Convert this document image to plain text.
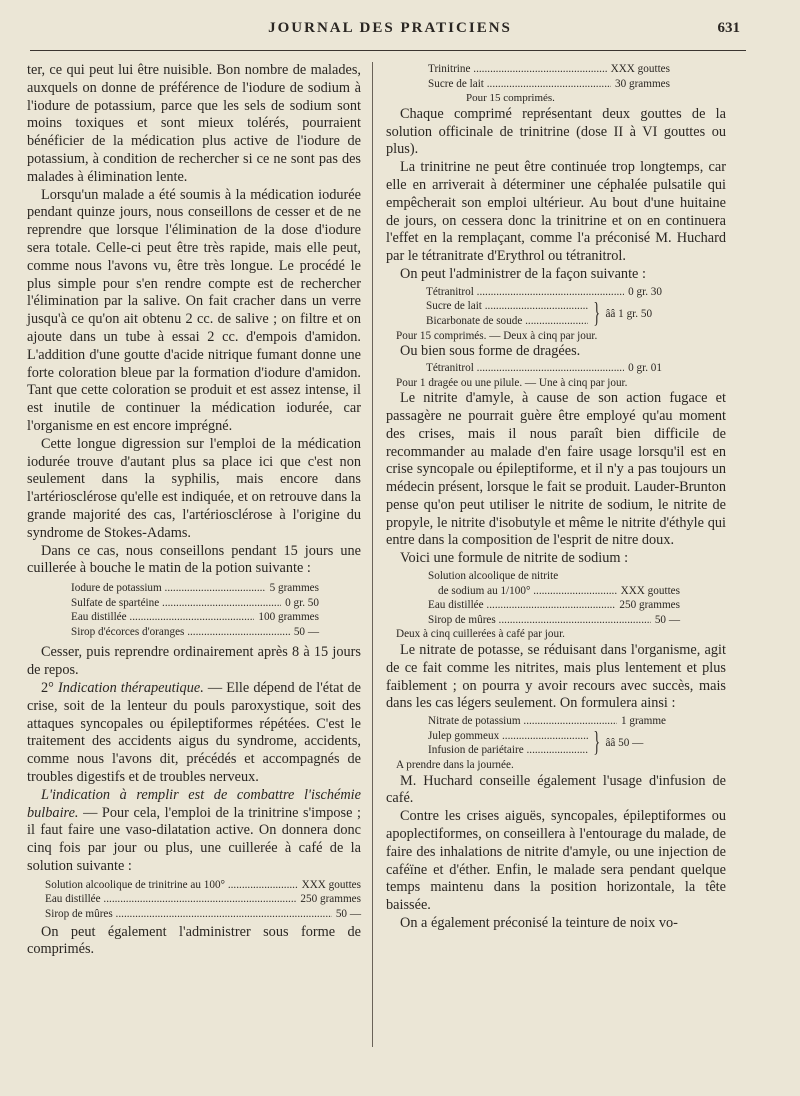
JOURNAL DES PRATICIENS	631

ter, ce qui peut lui être nuisible. Bon nombre de malades, auxquels on donne de préférence de l'iodure de sodium à l'iodure de potassium, parce que les sels de sodium sont moins toxiques et sont mieux tolérés, pourraient bénéficier de la médication plus active de l'iodure de potassium, à condition de rechercher si ce ne sont pas des malades à élimination lente.

Lorsqu'un malade a été soumis à la médication iodurée pendant quinze jours, nous conseillons de cesser et de ne reprendre que lorsque l'élimination de la dose d'iodure sera totale. Celle-ci peut être très rapide, mais elle peut, comme nous l'avons vu, être très longue. Le procédé le plus simple pour s'en rendre compte est de rechercher l'élimination par la salive. On fait cracher dans un verre jusqu'à ce qu'on ait obtenu 2 cc. de salive ; on filtre et on ajoute dans un tube à essai 2 cc. d'empois d'amidon. L'addition d'une goutte d'acide nitrique fumant donne une forte coloration bleue par la formation d'iodure d'amidon. Tant que cette coloration se produit et est assez intense, il est inutile de continuer la médication iodurée, car l'organisme en est encore imprégné.

Cette longue digression sur l'emploi de la médication iodurée trouve d'autant plus sa place ici que c'est non seulement dans la syphilis, mais encore dans l'artériosclérose qu'elle est indiquée, et on retrouve dans la grande majorité des cas, l'artériosclérose à l'origine du syndrome de Stokes-Adams.

Dans ce cas, nous conseillons pendant 15 jours une cuillerée à bouche le matin de la potion suivante :

Iodure de potassium .....	5 grammes
Sulfate de spartéine .....	0 gr. 50
Eau distillée .....	100 grammes
Sirop d'écorces d'oranges .....	50 —

Cesser, puis reprendre ordinairement après 8 à 15 jours de repos.

2° Indication thérapeutique. — Elle dépend de l'état de crise, soit de la lenteur du pouls paroxystique, soit des attaques syncopales ou épileptiformes répétées. C'est le traitement des accidents aigus du syndrome, accidents, comme nous l'avons dit, précédés et accompagnés de troubles digestifs et de troubles nerveux.

L'indication à remplir est de combattre l'ischémie bulbaire. — Pour cela, l'emploi de la trinitrine s'impose ; il faut faire une vaso-dilatation active. On donnera donc cinq fois par jour ou plus, une cuillerée à café de la solution suivante :

Solution alcoolique de trinitrine au 100° .....	XXX gouttes
Eau distillée .....	250 grammes
Sirop de mûres .....	50 —

On peut également l'administrer sous forme de comprimés.

Trinitrine .....	XXX gouttes
Sucre de lait .....	30 grammes
Pour 15 comprimés.

Chaque comprimé représentant deux gouttes de la solution officinale de trinitrine (dose II à VI gouttes ou plus).

La trinitrine ne peut être continuée trop longtemps, car elle en arriverait à déterminer une céphalée pulsatile qui empêcherait son emploi ultérieur. Au bout d'une huitaine de jours, on cessera donc la trinitrine et on en continuera l'effet en la remplaçant, comme l'a préconisé M. Huchard par le tétranitrate d'Erythrol ou tétranitrol.

On peut l'administrer de la façon suivante :

Tétranitrol .....	0 gr. 30
Sucre de lait .....
Bicarbonate de soude .....	} ââ 1 gr. 50
Pour 15 comprimés. — Deux à cinq par jour.

Ou bien sous forme de dragées.

Tétranitrol .....	0 gr. 01
Pour 1 dragée ou une pilule. — Une à cinq par jour.

Le nitrite d'amyle, à cause de son action fugace et passagère ne pourrait guère être employé qu'au moment des crises, mais il nous paraît bien difficile de recommander au malade d'en faire usage lorsqu'il est en crise syncopale ou épileptiforme, et il n'y a pas toujours un médecin présent, lorsque le fait se produit. Lauder-Brunton pense qu'on peut utiliser le nitrite de sodium, le nitrite de propyle, le nitrite d'isobutyle et même le nitrite d'éthyle qui entre dans la composition de l'esprit de nitre doux.

Voici une formule de nitrite de sodium :

Solution alcoolique de nitrite
de sodium au 1/100° .....	XXX gouttes
Eau distillée .....	250 grammes
Sirop de mûres .....	50 —
Deux à cinq cuillerées à café par jour.

Le nitrate de potasse, se réduisant dans l'organisme, agit de ce fait comme les nitrites, mais plus lentement et plus faiblement ; on pourra y avoir recours avec succès, mais dans les cas légers seulement. On formulera ainsi :

Nitrate de potassium .....	1 gramme
Julep gommeux .....
Infusion de pariétaire .....	} ââ 50 —
A prendre dans la journée.

M. Huchard conseille également l'usage d'infusion de café.

Contre les crises aiguës, syncopales, épileptiformes ou apoplectiformes, on conseillera à l'entourage du malade, de faire des inhalations de nitrite d'amyle, ou une injection de caféïne et d'éther. Enfin, le malade sera pendant quelque temps maintenu dans la position horizontale, la tête baissée.

On a également préconisé la teinture de noix vo-
